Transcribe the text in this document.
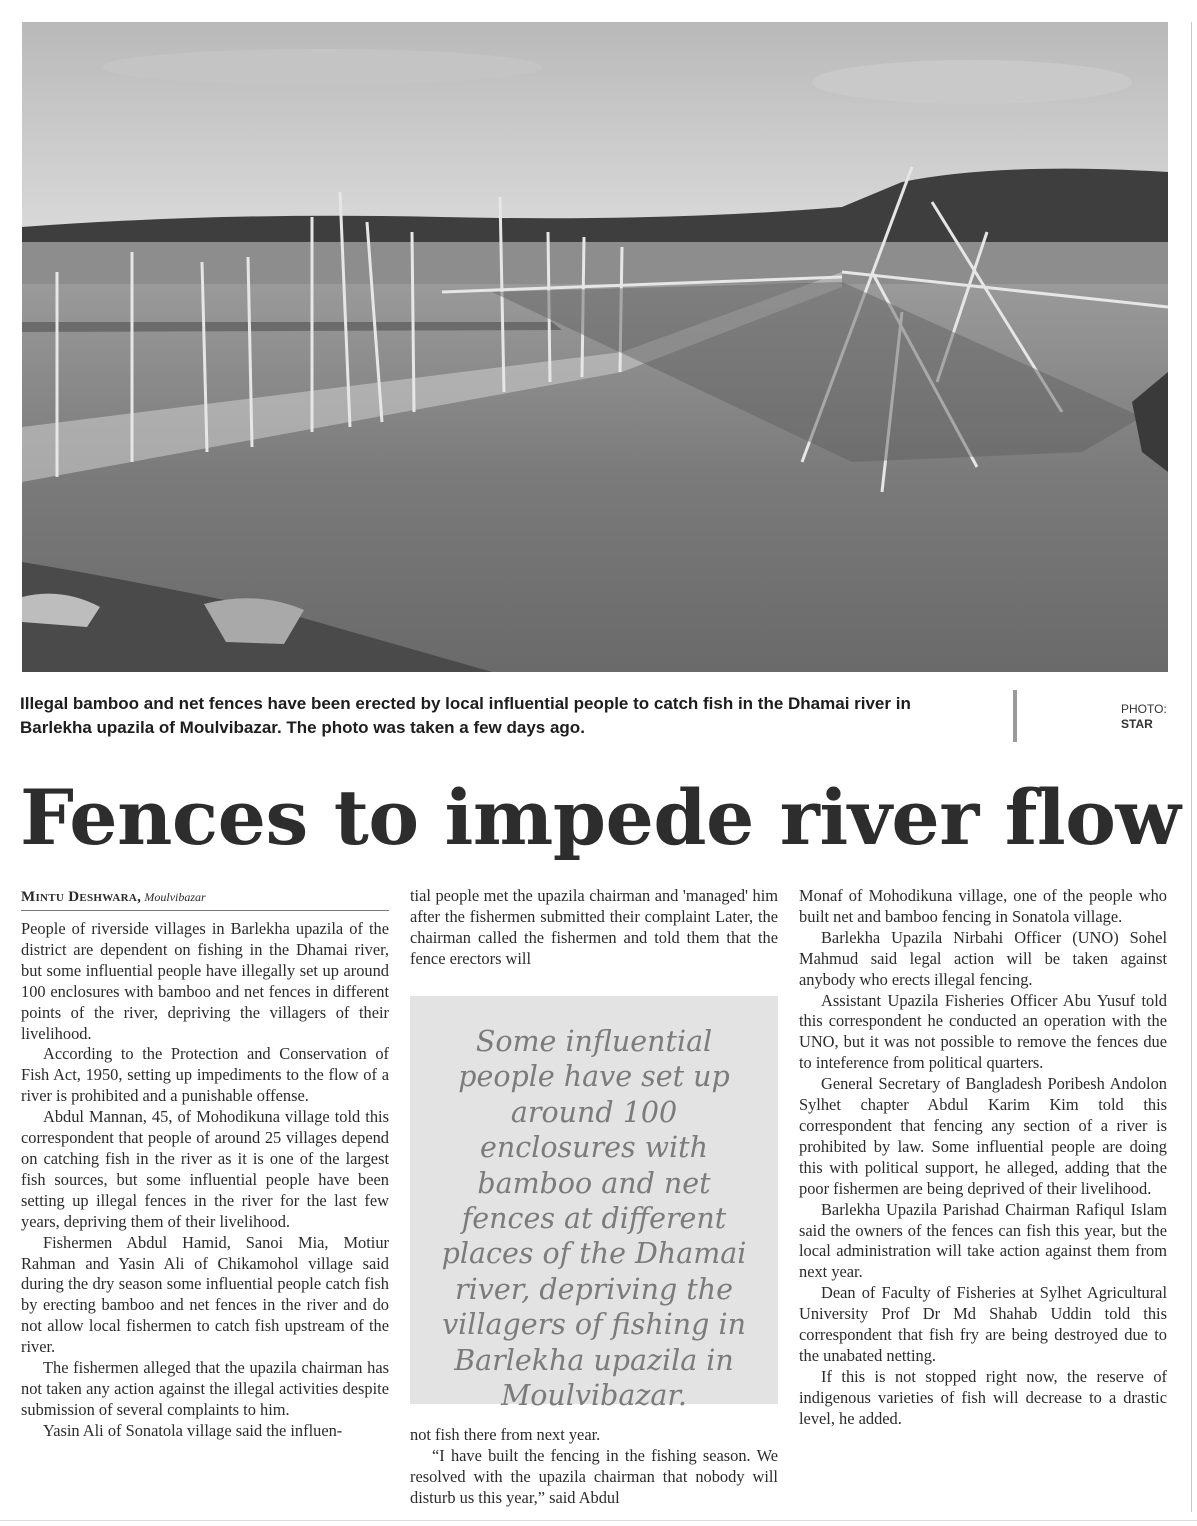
Illegal bamboo and net fences have been erected by local influential people to catch fish in the Dhamai river in Barlekha upazila of Moulvibazar. The photo was taken a few days ago.
PHOTO:
STAR
Fences to impede river flow
Mintu Deshwara, Moulvibazar

People of riverside villages in Barlekha upazila of the district are dependent on fishing in the Dhamai river, but some influential people have illegally set up around 100 enclosures with bamboo and net fences in different points of the river, depriving the villagers of their livelihood.

According to the Protection and Conservation of Fish Act, 1950, setting up impediments to the flow of a river is prohibited and a punishable offense.

Abdul Mannan, 45, of Mohodikuna village told this correspondent that people of around 25 villages depend on catching fish in the river as it is one of the largest fish sources, but some influential people have been setting up illegal fences in the river for the last few years, depriving them of their livelihood.

Fishermen Abdul Hamid, Sanoi Mia, Motiur Rahman and Yasin Ali of Chikamohol village said during the dry season some influential people catch fish by erecting bamboo and net fences in the river and do not allow local fishermen to catch fish upstream of the river.

The fishermen alleged that the upazila chairman has not taken any action against the illegal activities despite submission of several complaints to him.

Yasin Ali of Sonatola village said the influen-

tial people met the upazila chairman and 'managed' him after the fishermen submitted their complaint Later, the chairman called the fishermen and told them that the fence erectors will

Some influential people have set up around 100 enclosures with bamboo and net fences at different places of the Dhamai river, depriving the villagers of fishing in Barlekha upazila in Moulvibazar.

not fish there from next year.

“I have built the fencing in the fishing season. We resolved with the upazila chairman that nobody will disturb us this year,” said Abdul

Monaf of Mohodikuna village, one of the people who built net and bamboo fencing in Sonatola village.

Barlekha Upazila Nirbahi Officer (UNO) Sohel Mahmud said legal action will be taken against anybody who erects illegal fencing.

Assistant Upazila Fisheries Officer Abu Yusuf told this correspondent he conducted an operation with the UNO, but it was not possible to remove the fences due to inteference from political quarters.

General Secretary of Bangladesh Poribesh Andolon Sylhet chapter Abdul Karim Kim told this correspondent that fencing any section of a river is prohibited by law. Some influential people are doing this with political support, he alleged, adding that the poor fishermen are being deprived of their livelihood.

Barlekha Upazila Parishad Chairman Rafiqul Islam said the owners of the fences can fish this year, but the local administration will take action against them from next year.

Dean of Faculty of Fisheries at Sylhet Agricultural University Prof Dr Md Shahab Uddin told this correspondent that fish fry are being destroyed due to the unabated netting.

If this is not stopped right now, the reserve of indigenous varieties of fish will decrease to a drastic level, he added.
